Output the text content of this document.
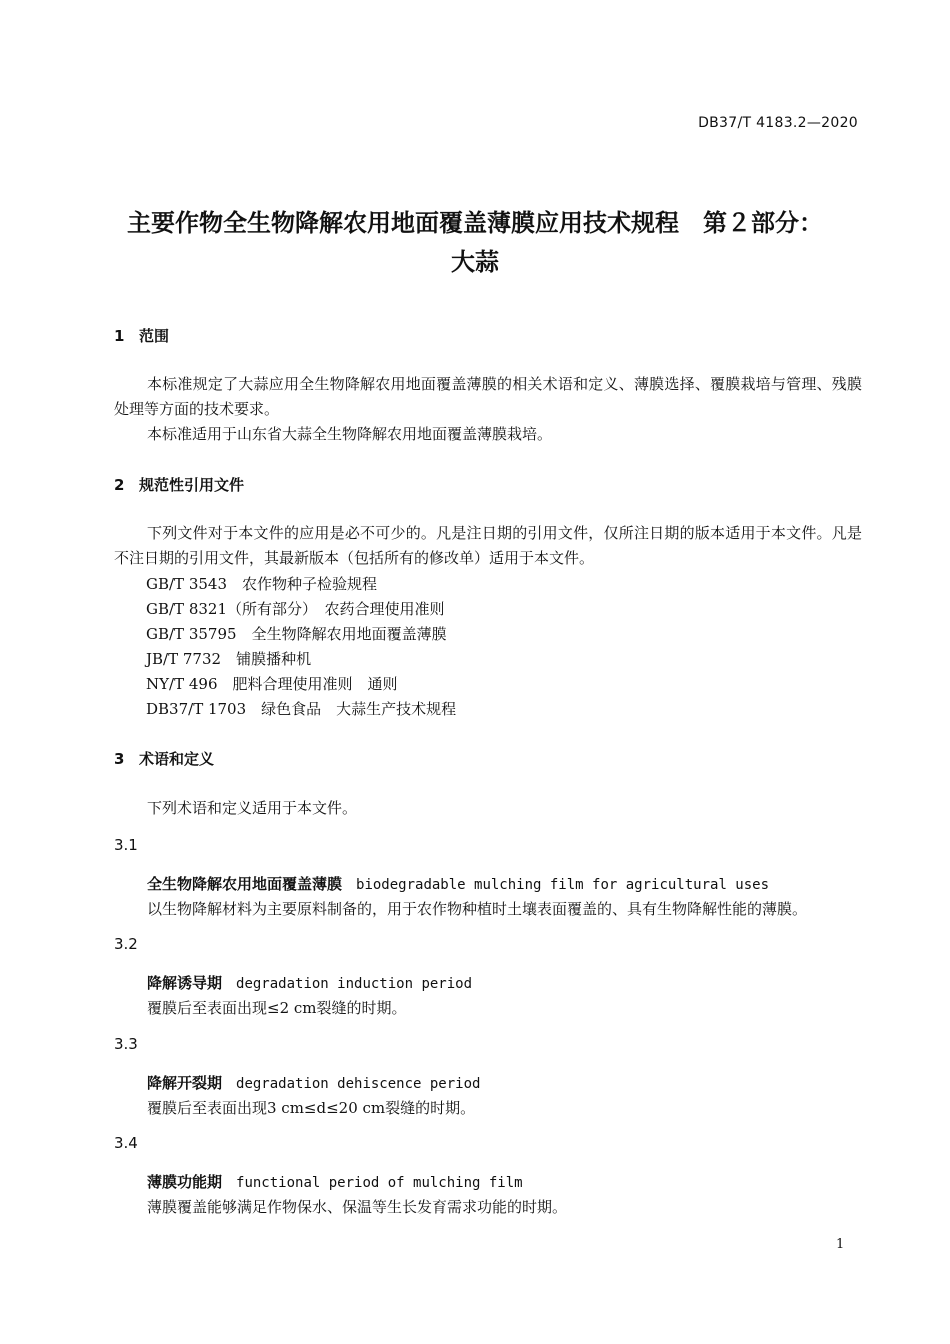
DB37/T 4183.2—2020
主要作物全生物降解农用地面覆盖薄膜应用技术规程　第２部分：
大蒜
1 范围
本标准规定了大蒜应用全生物降解农用地面覆盖薄膜的相关术语和定义、薄膜选择、覆膜栽培与管理、残膜处理等方面的技术要求。
本标准适用于山东省大蒜全生物降解农用地面覆盖薄膜栽培。
2 规范性引用文件
下列文件对于本文件的应用是必不可少的。凡是注日期的引用文件，仅所注日期的版本适用于本文件。凡是不注日期的引用文件，其最新版本（包括所有的修改单）适用于本文件。
GB/T 3543　 农作物种子检验规程
GB/T 8321（所有部分）　 农药合理使用准则
GB/T 35795　 全生物降解农用地面覆盖薄膜
JB/T 7732　 铺膜播种机
NY/T 496　 肥料合理使用准则　通则
DB37/T 1703　 绿色食品　大蒜生产技术规程
3 术语和定义
下列术语和定义适用于本文件。
3.1
全生物降解农用地面覆盖薄膜 biodegradable mulching film for agricultural uses
以生物降解材料为主要原料制备的，用于农作物种植时土壤表面覆盖的、具有生物降解性能的薄膜。
3.2
降解诱导期 degradation induction period
覆膜后至表面出现≤2 cm裂缝的时期。
3.3
降解开裂期 degradation dehiscence period
覆膜后至表面出现3 cm≤d≤20 cm裂缝的时期。
3.4
薄膜功能期 functional period of mulching film
薄膜覆盖能够满足作物保水、保温等生长发育需求功能的时期。
1
